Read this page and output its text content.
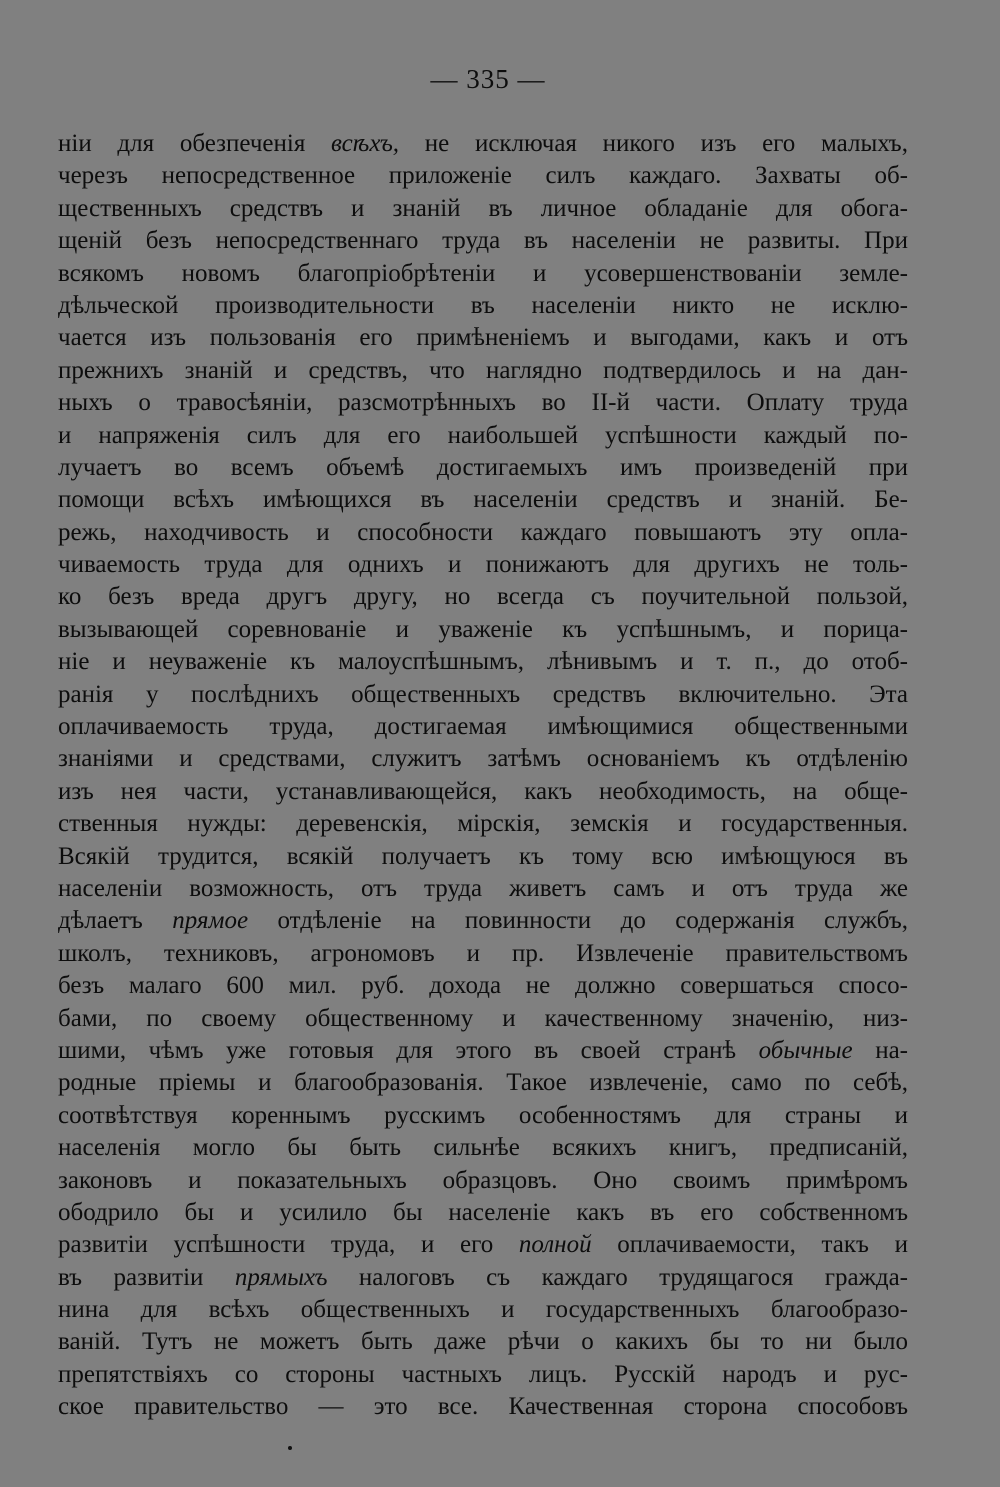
— 335 —
ніи для обезпеченія всѣхъ, не исключая никого изъ его малыхъ,
черезъ непосредственное приложеніе силъ каждаго. Захваты об-
щественныхъ средствъ и знаній въ личное обладаніе для обога-
щеній безъ непосредственнаго труда въ населеніи не развиты. При
всякомъ новомъ благопріобрѣтеніи и усовершенствованіи земле-
дѣльческой производительности въ населеніи никто не исклю-
чается изъ пользованія его примѣненіемъ и выгодами, какъ и отъ
прежнихъ знаній и средствъ, что наглядно подтвердилось и на дан-
ныхъ о травосѣяніи, разсмотрѣнныхъ во II-й части. Оплату труда
и напряженія силъ для его наибольшей успѣшности каждый по-
лучаетъ во всемъ объемѣ достигаемыхъ имъ произведеній при
помощи всѣхъ имѣющихся въ населеніи средствъ и знаній. Бе-
режь, находчивость и способности каждаго повышаютъ эту опла-
чиваемость труда для однихъ и понижаютъ для другихъ не толь-
ко безъ вреда другъ другу, но всегда съ поучительной пользой,
вызывающей соревнованіе и уваженіе къ успѣшнымъ, и порица-
ніе и неуваженіе къ малоуспѣшнымъ, лѣнивымъ и т. п., до отоб-
ранія у послѣднихъ общественныхъ средствъ включительно. Эта
оплачиваемость труда, достигаемая имѣющимися общественными
знаніями и средствами, служитъ затѣмъ основаніемъ къ отдѣленію
изъ нея части, устанавливающейся, какъ необходимость, на обще-
ственныя нужды: деревенскія, мірскія, земскія и государственныя.
Всякій трудится, всякій получаетъ къ тому всю имѣющуюся въ
населеніи возможность, отъ труда живетъ самъ и отъ труда же
дѣлаетъ прямое отдѣленіе на повинности до содержанія службъ,
школъ, техниковъ, агрономовъ и пр. Извлеченіе правительствомъ
безъ малаго 600 мил. руб. дохода не должно совершаться спосо-
бами, по своему общественному и качественному значенію, низ-
шими, чѣмъ уже готовыя для этого въ своей странѣ обычные на-
родные пріемы и благообразованія. Такое извлеченіе, само по себѣ,
соотвѣтствуя кореннымъ русскимъ особенностямъ для страны и
населенія могло бы быть сильнѣе всякихъ книгъ, предписаній,
законовъ и показательныхъ образцовъ. Оно своимъ примѣромъ
ободрило бы и усилило бы населеніе какъ въ его собственномъ
развитіи успѣшности труда, и его полной оплачиваемости, такъ и
въ развитіи прямыхъ налоговъ съ каждаго трудящагося гражда-
нина для всѣхъ общественныхъ и государственныхъ благообразо-
ваній. Тутъ не можетъ быть даже рѣчи о какихъ бы то ни было
препятствіяхъ со стороны частныхъ лицъ. Русскій народъ и рус-
ское правительство — это все. Качественная сторона способовъ
